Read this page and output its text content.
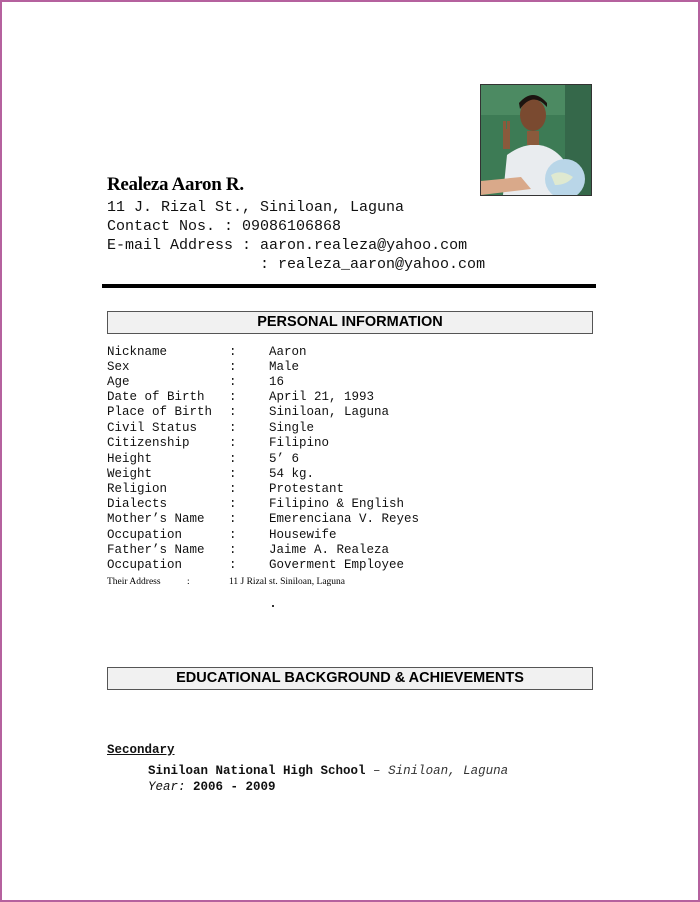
Realeza Aaron R.
11 J. Rizal St., Siniloan, Laguna
Contact Nos. : 09086106868
E-mail Address : aaron.realeza@yahoo.com
: realeza_aaron@yahoo.com
PERSONAL INFORMATION
Nickname	:	Aaron
Sex	:	Male
Age	:	16
Date of Birth :	April 21, 1993
Place of Birth :	Siniloan, Laguna
Civil Status	:	Single
Citizenship	:	Filipino
Height	:	5’ 6
Weight	:	54 kg.
Religion	:	Protestant
Dialects	:	Filipino & English
Mother’s Name :	Emerenciana V. Reyes
Occupation	:	Housewife
Father’s Name :	Jaime A. Realeza
Occupation	:	Goverment Employee
Their Address	:	11 J Rizal st. Siniloan, Laguna
EDUCATIONAL BACKGROUND & ACHIEVEMENTS
Secondary
Siniloan National High School – Siniloan, Laguna
Year: 2006 - 2009
